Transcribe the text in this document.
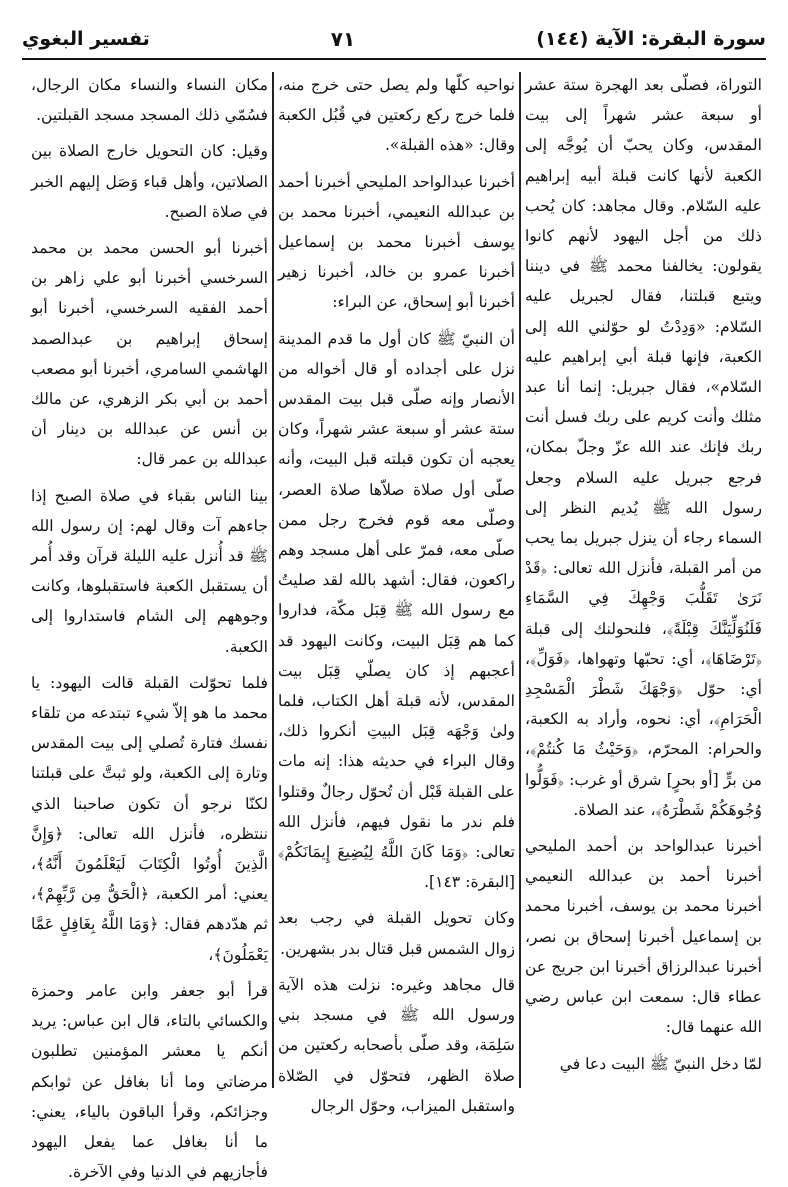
سورة البقرة: الآية (١٤٤)
٧١
تفسير البغوي

التوراة، فصلّى بعد الهجرة ستة عشر أو سبعة عشر شهراً إلى بيت المقدس، وكان يحبّ أن يُوجَّه إلى الكعبة لأنها كانت قبلة أبيه إبراهيم عليه السّلام. وقال مجاهد: كان يُحب ذلك من أجل اليهود لأنهم كانوا يقولون: يخالفنا محمد ﷺ في ديننا ويتبع قبلتنا، فقال لجبريل عليه السّلام: «وَدِدْتُ لو حوّلني الله إلى الكعبة، فإنها قبلة أبي إبراهيم عليه السّلام»، فقال جبريل: إنما أنا عبد مثلك وأنت كريم على ربك فسل أنت ربك فإنك عند الله عزّ وجلّ بمكان، فرجع جبريل عليه السلام وجعل رسول الله ﷺ يُديم النظر إلى السماء رجاء أن ينزل جبريل بما يحب من أمر القبلة، فأنزل الله تعالى: ﴿قَدْ نَرَىٰ تَقَلُّبَ وَجْهِكَ فِي السَّمَاءِ فَلَنُوَلِّيَنَّكَ قِبْلَةً﴾، فلنحولنك إلى قبلة ﴿تَرْضَاهَا﴾، أي: تحبّها وتهواها، ﴿فَوَلِّ﴾، أي: حوّل ﴿وَجْهَكَ شَطْرَ الْمَسْجِدِ الْحَرَامِ﴾، أي: نحوه، وأراد به الكعبة، والحرام: المحرّم، ﴿وَحَيْثُ مَا كُنتُمْ﴾، من برٍّ [أو بحرٍ] شرق أو غرب: ﴿فَوَلُّوا وُجُوهَكُمْ شَطْرَهُ﴾، عند الصلاة.

أخبرنا عبدالواحد بن أحمد المليحي أخبرنا أحمد بن عبدالله النعيمي أخبرنا محمد بن يوسف، أخبرنا محمد بن إسماعيل أخبرنا إسحاق بن نصر، أخبرنا عبدالرزاق أخبرنا ابن جريج عن عطاء قال: سمعت ابن عباس رضي الله عنهما قال:

لمّا دخل النبيّ ﷺ البيت دعا في

نواحيه كلّها ولم يصل حتى خرج منه، فلما خرج ركع ركعتين في قُبُل الكعبة وقال: «هذه القبلة».

أخبرنا عبدالواحد المليحي أخبرنا أحمد بن عبدالله النعيمي، أخبرنا محمد بن يوسف أخبرنا محمد بن إسماعيل أخبرنا عمرو بن خالد، أخبرنا زهير أخبرنا أبو إسحاق، عن البراء:

أن النبيّ ﷺ كان أول ما قدم المدينة نزل على أجداده أو قال أخواله من الأنصار وإنه صلّى قبل بيت المقدس ستة عشر أو سبعة عشر شهراً، وكان يعجبه أن تكون قبلته قبل البيت، وأنه صلّى أول صلاة صلاّها صلاة العصر، وصلّى معه قوم فخرج رجل ممن صلّى معه، فمرّ على أهل مسجد وهم راكعون، فقال: أشهد بالله لقد صليتُ مع رسول الله ﷺ قِبَل مكّة، فداروا كما هم قِبَل البيت، وكانت اليهود قد أعجبهم إذ كان يصلّي قِبَل بيت المقدس، لأنه قبلة أهل الكتاب، فلما ولىٰ وَجْهَه قِبَل البيتِ أنكروا ذلك، وقال البراء في حديثه هذا: إنه مات على القبلة قَبْل أن تُحوّل رجالٌ وقتلوا فلم ندر ما نقول فيهم، فأنزل الله تعالى: ﴿وَمَا كَانَ اللَّهُ لِيُضِيعَ إِيمَانَكُمْ﴾ [البقرة: ١٤٣].

وكان تحويل القبلة في رجب بعد زوال الشمس قبل قتال بدر بشهرين.

قال مجاهد وغيره: نزلت هذه الآية ورسول الله ﷺ في مسجد بني سَلِمَة، وقد صلّى بأصحابه ركعتين من صلاة الظهر، فتحوّل في الصّلاة واستقبل الميزاب، وحوّل الرجال

مكان النساء والنساء مكان الرجال، فسُمّي ذلك المسجد مسجد القبلتين.

وقيل: كان التحويل خارج الصلاة بين الصلاتين، وأهل قباء وَصَل إليهم الخبر في صلاة الصبح.

أخبرنا أبو الحسن محمد بن محمد السرخسي أخبرنا أبو علي زاهر بن أحمد الفقيه السرخسي، أخبرنا أبو إسحاق إبراهيم بن عبدالصمد الهاشمي السامري، أخبرنا أبو مصعب أحمد بن أبي بكر الزهري، عن مالك بن أنس عن عبدالله بن دينار أن عبدالله بن عمر قال:

بينا الناس بقباء في صلاة الصبح إذا جاءهم آت وقال لهم: إن رسول الله ﷺ قد أُنزل عليه الليلة قرآن وقد أُمر أن يستقبل الكعبة فاستقبلوها، وكانت وجوههم إلى الشام فاستداروا إلى الكعبة.

فلما تحوّلت القبلة قالت اليهود: يا محمد ما هو إلاّ شيء تبتدعه من تلقاء نفسك فتارة تُصلي إلى بيت المقدس وتارة إلى الكعبة، ولو ثبتَّ على قبلتنا لكنّا نرجو أن تكون صاحبنا الذي ننتظره، فأنزل الله تعالى: ﴿وَإِنَّ الَّذِينَ أُوتُوا الْكِتَابَ لَيَعْلَمُونَ أَنَّهُ﴾، يعني: أمر الكعبة، ﴿الْحَقُّ مِن رَّبِّهِمْ﴾، ثم هدّدهم فقال: ﴿وَمَا اللَّهُ بِغَافِلٍ عَمَّا يَعْمَلُونَ﴾،

قرأ أبو جعفر وابن عامر وحمزة والكسائي بالتاء، قال ابن عباس: يريد أنكم يا معشر المؤمنين تطلبون مرضاتي وما أنا بغافل عن ثوابكم وجزائكم، وقرأ الباقون بالياء، يعني: ما أنا بغافل عما يفعل اليهود فأجازيهم في الدنيا وفي الآخرة.
